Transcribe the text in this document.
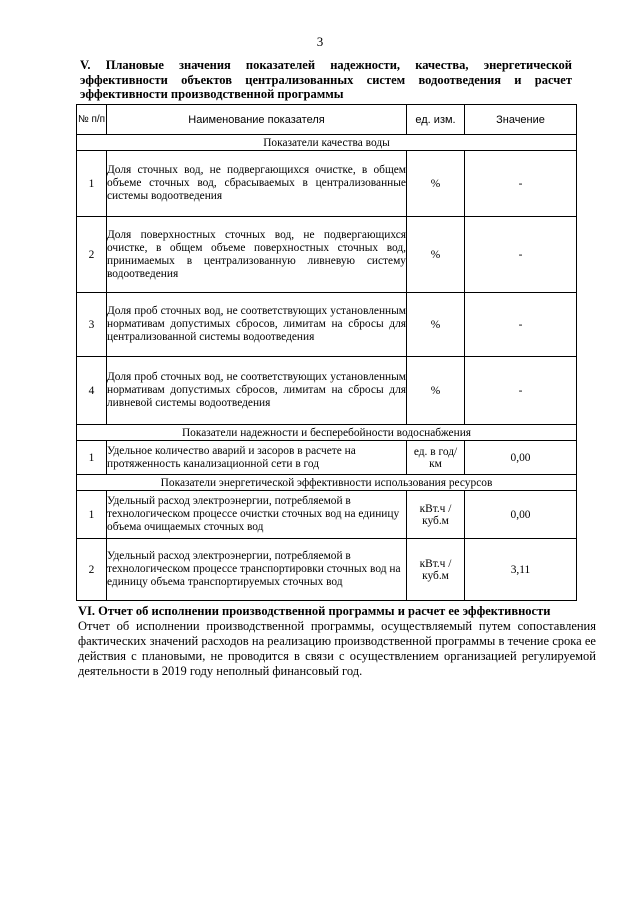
3
V. Плановые значения показателей надежности, качества, энергетической эффективности объектов централизованных систем водоотведения и расчет эффективности производственной программы
№ п/п	Наименование показателя	ед. изм.	Значение
Показатели качества воды			
1	Доля сточных вод, не подвергающихся очистке, в общем объеме сточных вод, сбрасываемых в централизованные системы водоотведения	%	-
2	Доля поверхностных сточных вод, не подвергающихся очистке, в общем объеме поверхностных сточных вод, принимаемых в централизованную ливневую систему водоотведения	%	-
3	Доля проб сточных вод, не соответствующих установленным нормативам допустимых сбросов, лимитам на сбросы для централизованной системы водоотведения	%	-
4	Доля проб сточных вод, не соответствующих установленным нормативам допустимых сбросов, лимитам на сбросы для ливневой системы водоотведения	%	-
Показатели надежности и бесперебойности водоснабжения			
1	Удельное количество аварий и засоров в расчете на протяженность канализационной сети в год	ед. в год/ км	0,00
Показатели энергетической эффективности использования ресурсов			
1	Удельный расход электроэнергии, потребляемой в технологическом процессе очистки сточных вод на единицу объема очищаемых сточных вод	кВт.ч / куб.м	0,00
2	Удельный расход электроэнергии, потребляемой в технологическом процессе транспортировки сточных вод на единицу объема транспортируемых сточных вод	кВт.ч / куб.м	3,11
VI. Отчет об исполнении производственной программы и расчет ее эффективности

Отчет об исполнении производственной программы, осуществляемый путем сопоставления фактических значений расходов на реализацию производственной программы в течение срока ее действия с плановыми, не проводится в связи с осуществлением организацией регулируемой деятельности в 2019 году неполный финансовый год.
